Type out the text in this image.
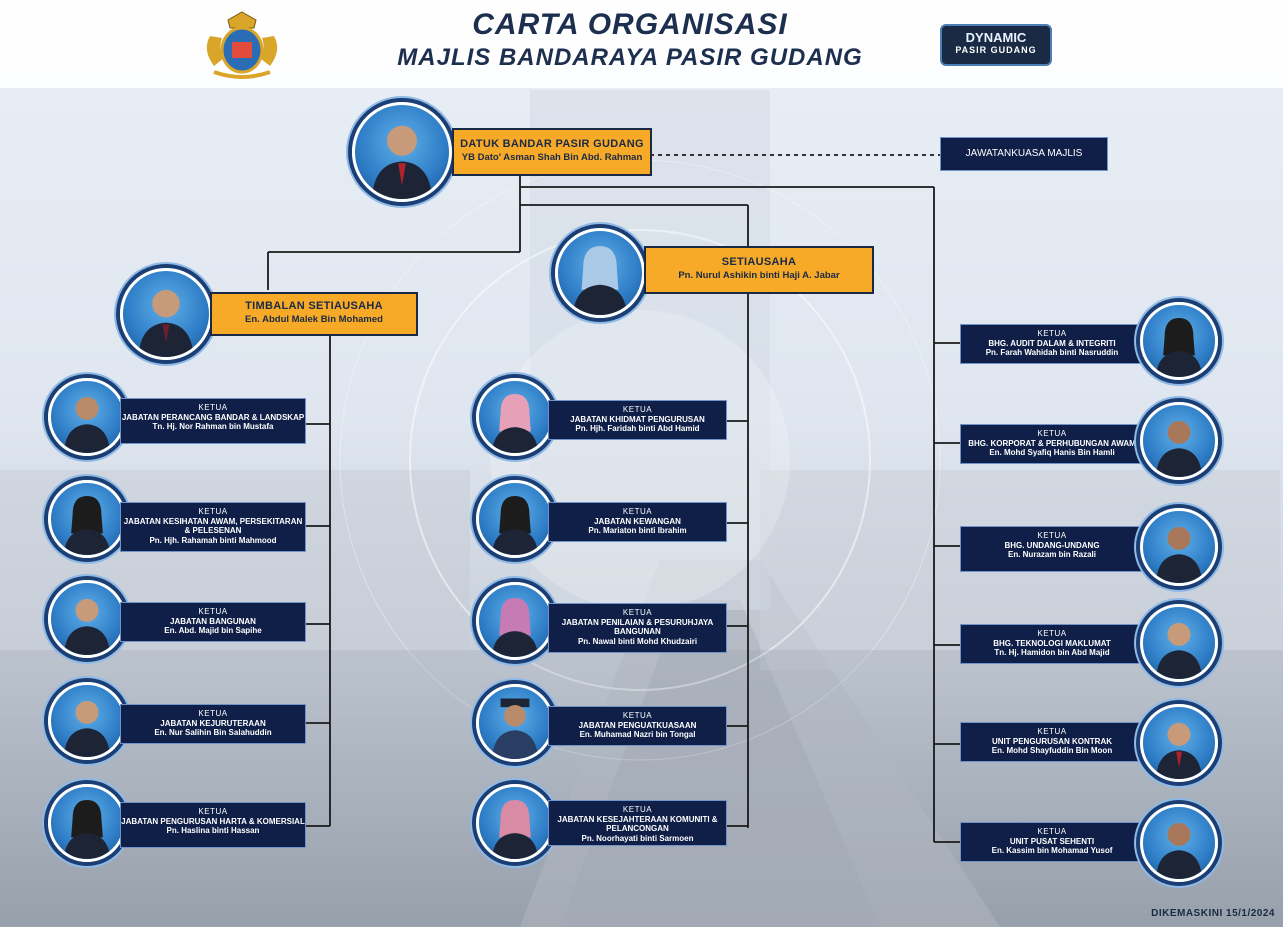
CARTA ORGANISASI
MAJLIS BANDARAYA PASIR GUDANG
DYNAMIC
PASIR GUDANG
DATUK BANDAR PASIR GUDANG
YB Dato' Asman Shah Bin Abd. Rahman	JAWATANKUASA MAJLIS
SETIAUSAHA
Pn. Nurul Ashikin binti Haji A. Jabar
TIMBALAN SETIAUSAHA
En. Abdul Malek Bin Mohamed
KETUA
JABATAN PERANCANG BANDAR & LANDSKAP
Tn. Hj. Nor Rahman bin Mustafa
KETUA
JABATAN KESIHATAN AWAM, PERSEKITARAN & PELESENAN
Pn. Hjh. Rahamah binti Mahmood
KETUA
JABATAN BANGUNAN
En. Abd. Majid bin Sapihe
KETUA
JABATAN KEJURUTERAAN
En. Nur Salihin Bin Salahuddin
KETUA
JABATAN PENGURUSAN HARTA & KOMERSIAL
Pn. Haslina binti Hassan
KETUA
JABATAN KHIDMAT PENGURUSAN
Pn. Hjh. Faridah binti Abd Hamid
KETUA
JABATAN KEWANGAN
Pn. Mariaton binti Ibrahim
KETUA
JABATAN PENILAIAN & PESURUHJAYA BANGUNAN
Pn. Nawal binti Mohd Khudzairi
KETUA
JABATAN PENGUATKUASAAN
En. Muhamad Nazri bin Tongal
KETUA
JABATAN KESEJAHTERAAN KOMUNITI & PELANCONGAN
Pn. Noorhayati binti Sarmoen
KETUA
BHG. AUDIT DALAM & INTEGRITI
Pn. Farah Wahidah binti Nasruddin
KETUA
BHG. KORPORAT & PERHUBUNGAN AWAM
En. Mohd Syafiq Hanis Bin Hamli
KETUA
BHG. UNDANG-UNDANG
En. Nurazam bin Razali
KETUA
BHG. TEKNOLOGI MAKLUMAT
Tn. Hj. Hamidon bin Abd Majid
KETUA
UNIT PENGURUSAN KONTRAK
En. Mohd Shayfuddin Bin Moon
KETUA
UNIT PUSAT SEHENTI
En. Kassim bin Mohamad Yusof
DIKEMASKINI 15/1/2024
